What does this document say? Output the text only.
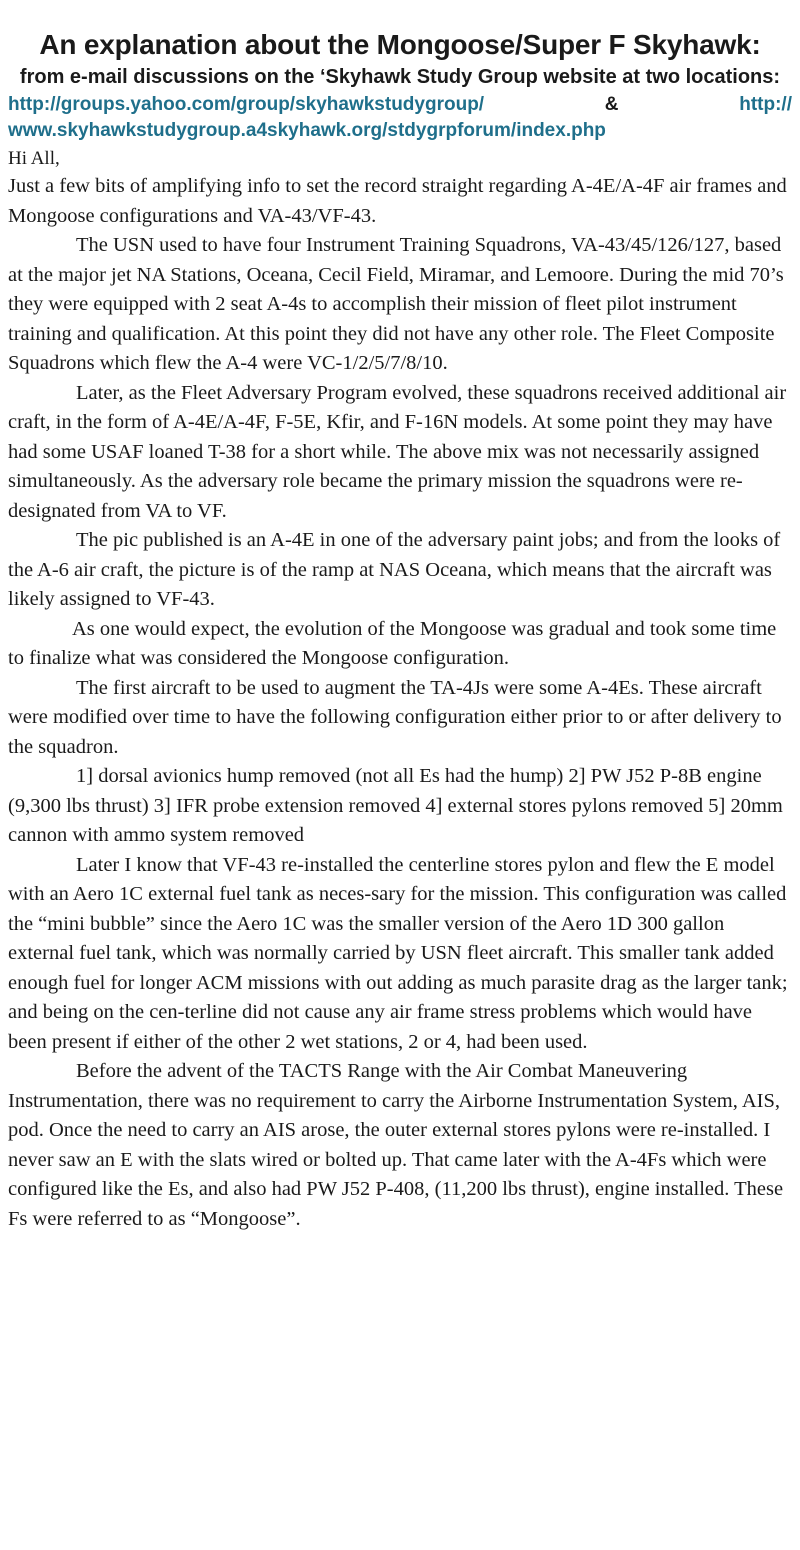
An explanation about the Mongoose/Super F Skyhawk:
from e-mail discussions on the ‘Skyhawk Study Group website at two locations:
http://groups.yahoo.com/group/skyhawkstudygroup/	&	http://
www.skyhawkstudygroup.a4skyhawk.org/stdygrpforum/index.php

Hi All,

Just a few bits of amplifying info to set the record straight regarding A-4E/A-4F air frames and Mongoose configurations and VA-43/VF-43.

The USN used to have four Instrument Training Squadrons, VA-43/45/126/127, based at the major jet NA Stations, Oceana, Cecil Field, Miramar, and Lemoore. During the mid 70’s they were equipped with 2 seat A-4s to accomplish their mission of fleet pilot instrument training and qualification. At this point they did not have any other role. The Fleet Composite Squadrons which flew the A-4 were VC-1/2/5/7/8/10.

Later, as the Fleet Adversary Program evolved, these squadrons received additional air craft, in the form of A-4E/A-4F, F-5E, Kfir, and F-16N models. At some point they may have had some USAF loaned T-38 for a short while. The above mix was not necessarily assigned simultaneously. As the adversary role became the primary mission the squadrons were re-designated from VA to VF.

The pic published is an A-4E in one of the adversary paint jobs; and from the looks of the A-6 air craft, the picture is of the ramp at NAS Oceana, which means that the aircraft was likely assigned to VF-43.

As one would expect, the evolution of the Mongoose was gradual and took some time to finalize what was considered the Mongoose configuration.

The first aircraft to be used to augment the TA-4Js were some A-4Es. These aircraft were modified over time to have the following configuration either prior to or after delivery to the squadron.

1] dorsal avionics hump removed (not all Es had the hump) 2] PW J52 P-8B engine (9,300 lbs thrust) 3] IFR probe extension removed 4] external stores pylons removed 5] 20mm cannon with ammo system removed

Later I know that VF-43 re-installed the centerline stores pylon and flew the E model with an Aero 1C external fuel tank as neces-sary for the mission. This configuration was called the “mini bubble” since the Aero 1C was the smaller version of the Aero 1D 300 gallon external fuel tank, which was normally carried by USN fleet aircraft. This smaller tank added enough fuel for longer ACM missions with out adding as much parasite drag as the larger tank; and being on the cen-terline did not cause any air frame stress problems which would have been present if either of the other 2 wet stations, 2 or 4, had been used.

Before the advent of the TACTS Range with the Air Combat Maneuvering Instrumentation, there was no requirement to carry the Airborne Instrumentation System, AIS, pod. Once the need to carry an AIS arose, the outer external stores pylons were re-installed. I never saw an E with the slats wired or bolted up. That came later with the A-4Fs which were configured like the Es, and also had PW J52 P-408, (11,200 lbs thrust), engine installed. These Fs were referred to as “Mongoose”.
